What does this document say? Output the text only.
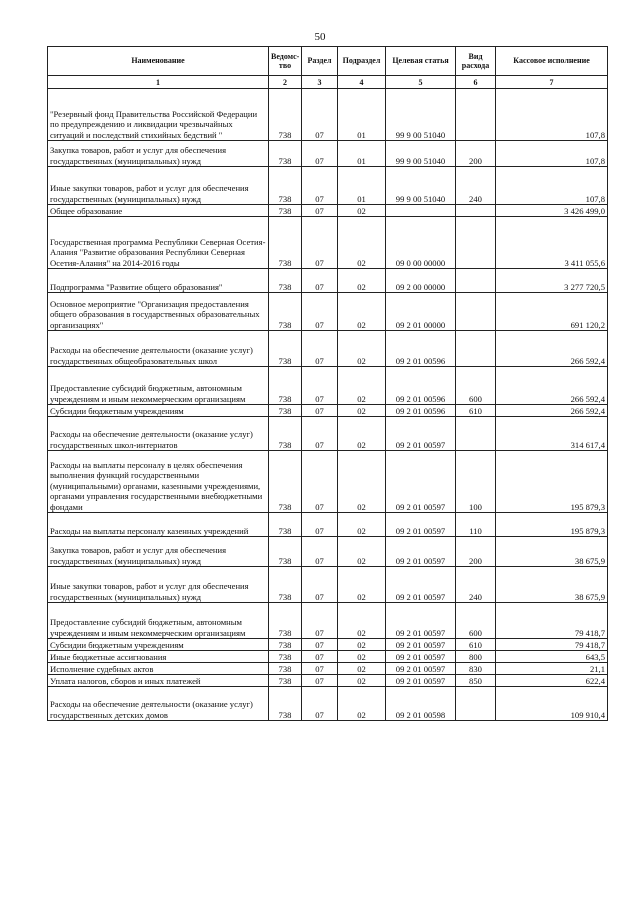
50
Наименование	Ведомс-тво	Раздел	Подраздел	Целевая статья	Вид расхода	Кассовое исполнение
1	2	3	4	5	6	7
"Резервный фонд Правительства Российской Федерации по предупреждению и ликвидации чрезвычайных ситуаций и последствий стихийных бедствий "	738	07	01	99 9 00 51040		107,8
Закупка товаров, работ и услуг для обеспечения государственных (муниципальных) нужд	738	07	01	99 9 00 51040	200	107,8
Иные закупки товаров, работ и услуг для обеспечения государственных (муниципальных) нужд	738	07	01	99 9 00 51040	240	107,8
Общее образование	738	07	02			3 426 499,0
Государственная программа Республики Северная Осетия-Алания "Развитие образования Республики Северная Осетия-Алания" на 2014-2016 годы	738	07	02	09 0 00 00000		3 411 055,6
Подпрограмма "Развитие общего образования"	738	07	02	09 2 00 00000		3 277 720,5
Основное мероприятие "Организация предоставления общего образования в государственных образовательных организациях"	738	07	02	09 2 01 00000		691 120,2
Расходы на обеспечение деятельности (оказание услуг) государственных общеобразовательных школ	738	07	02	09 2 01 00596		266 592,4
Предоставление субсидий бюджетным, автономным учреждениям и иным некоммерческим организациям	738	07	02	09 2 01 00596	600	266 592,4
Субсидии бюджетным учреждениям	738	07	02	09 2 01 00596	610	266 592,4
Расходы на обеспечение деятельности (оказание услуг) государственных школ-интернатов	738	07	02	09 2 01 00597		314 617,4
Расходы на выплаты персоналу в целях обеспечения выполнения функций государственными (муниципальными) органами, казенными учреждениями, органами управления государственными внебюджетными фондами	738	07	02	09 2 01 00597	100	195 879,3
Расходы на выплаты персоналу казенных учреждений	738	07	02	09 2 01 00597	110	195 879,3
Закупка товаров, работ и услуг для обеспечения государственных (муниципальных) нужд	738	07	02	09 2 01 00597	200	38 675,9
Иные закупки товаров, работ и услуг для обеспечения государственных (муниципальных) нужд	738	07	02	09 2 01 00597	240	38 675,9
Предоставление субсидий бюджетным, автономным учреждениям и иным некоммерческим организациям	738	07	02	09 2 01 00597	600	79 418,7
Субсидии бюджетным учреждениям	738	07	02	09 2 01 00597	610	79 418,7
Иные бюджетные ассигнования	738	07	02	09 2 01 00597	800	643,5
Исполнение судебных актов	738	07	02	09 2 01 00597	830	21,1
Уплата налогов, сборов и иных платежей	738	07	02	09 2 01 00597	850	622,4
Расходы на обеспечение деятельности (оказание услуг) государственных детских домов	738	07	02	09 2 01 00598		109 910,4
